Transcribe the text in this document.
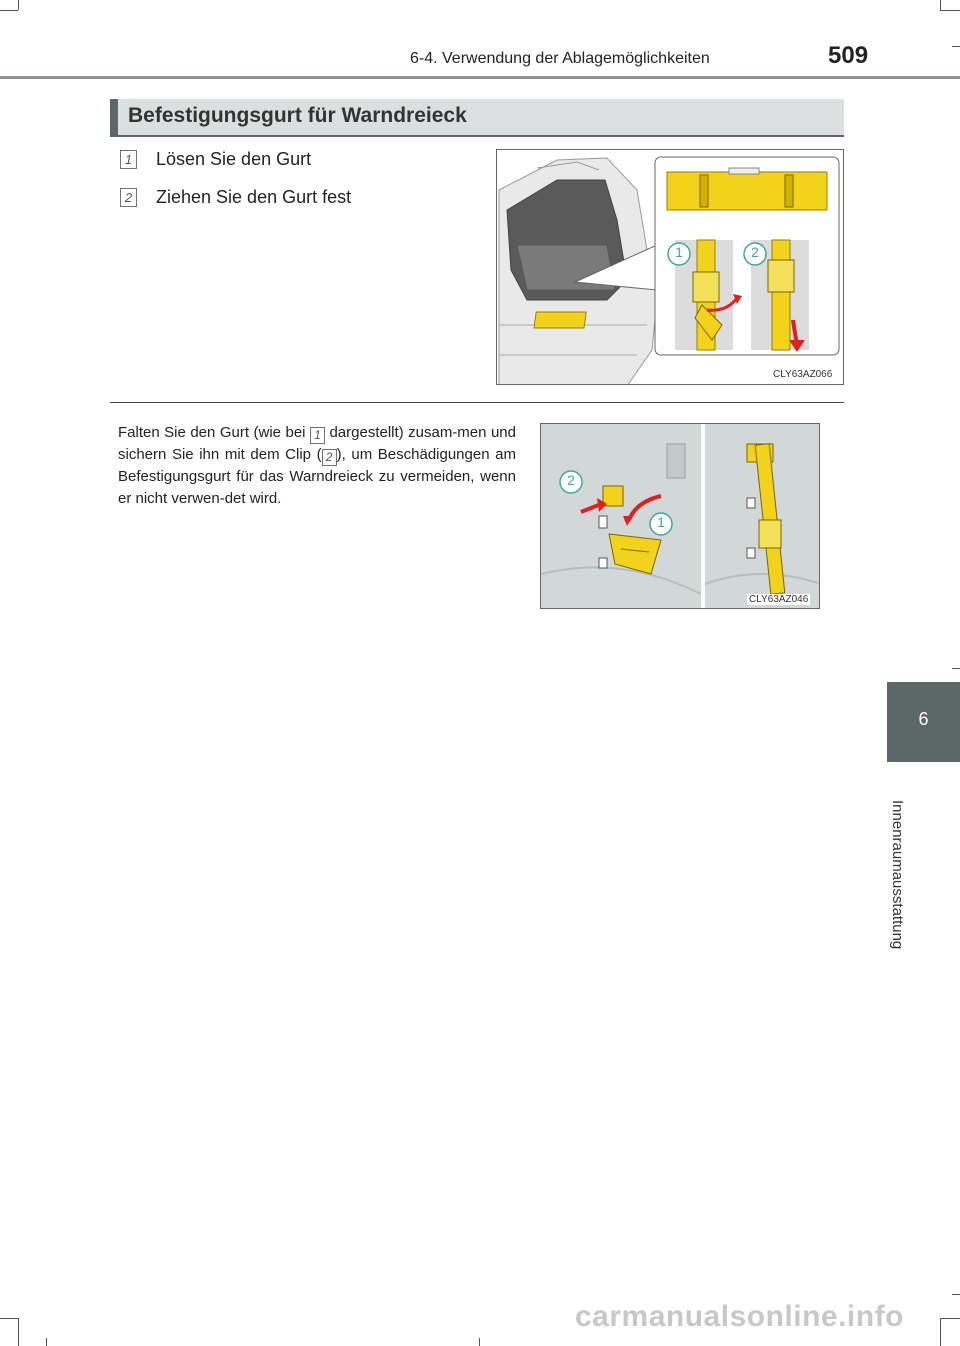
6-4. Verwendung der Ablagemöglichkeiten	509
Befestigungsgurt für Warndreieck
1 Lösen Sie den Gurt
2 Ziehen Sie den Gurt fest
1	2
CLY63AZ066
Falten Sie den Gurt (wie bei 1 dargestellt) zusam-men und sichern Sie ihn mit dem Clip ( 2 ), um Beschädigungen am Befestigungsgurt für das Warndreieck zu vermeiden, wenn er nicht verwen-det wird.
2
1
CLY63AZ046
6
Innenraumausstattung
carmanualsonline.info
